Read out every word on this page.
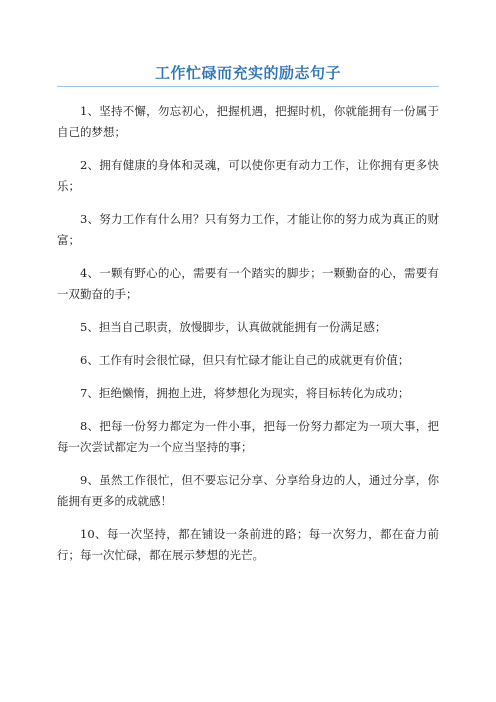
工作忙碌而充实的励志句子

1、坚持不懈，勿忘初心，把握机遇，把握时机，你就能拥有一份属于自己的梦想；

2、拥有健康的身体和灵魂，可以使你更有动力工作，让你拥有更多快乐；

3、努力工作有什么用？只有努力工作，才能让你的努力成为真正的财富；

4、一颗有野心的心，需要有一个踏实的脚步；一颗勤奋的心，需要有一双勤奋的手；

5、担当自己职责，放慢脚步，认真做就能拥有一份满足感；

6、工作有时会很忙碌，但只有忙碌才能让自己的成就更有价值；

7、拒绝懒惰，拥抱上进，将梦想化为现实，将目标转化为成功；

8、把每一份努力都定为一件小事，把每一份努力都定为一项大事，把每一次尝试都定为一个应当坚持的事；

9、虽然工作很忙，但不要忘记分享、分享给身边的人，通过分享，你能拥有更多的成就感！

10、每一次坚持，都在铺设一条前进的路；每一次努力，都在奋力前行；每一次忙碌，都在展示梦想的光芒。
